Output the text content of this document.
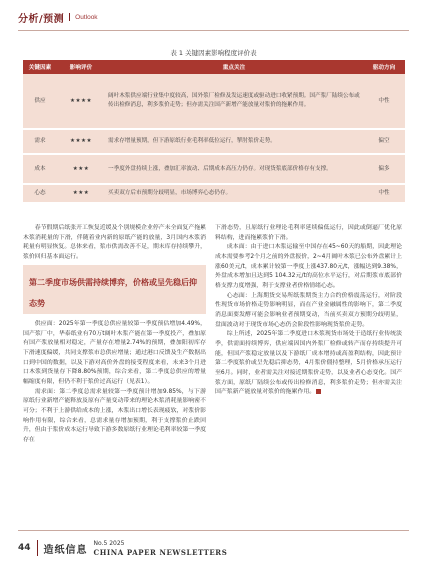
分析/预测 Outlook
表 1 关键因素影响程度评价表
关键因素	影响评价	重点关注	驱动方向
供应	★★★★	阔叶木浆供应端行业集中度较高，国外浆厂检修及发运速度或驱动进口收紧预期。国产浆厂陆续公布或传出检修消息，利多浆价走势；但亦需关注国产新增产能放量对浆价的拖累作用。	中性
需求	★★★★	需求存增量预期，但下游原纸行业毛利率低位运行，掣肘浆价走势。	偏空
成本	★★★	一季度外盘持续上涨，叠加汇率波动、后期成本高压力仍存。对现货浆底部价格存有支撑。	偏多
心态	★★★	买卖双方后市预期分歧明显，市场博弈心态仍存。	中性

春节假期后纸张开工恢复近缓及个别规模企业停产未全面复产拖累木浆消耗量的下滑，伴随着业内新的原纸产能的放量，3月国内木浆消耗量有明显恢复。总体来看，浆市供需改善不足，期末库存持续攀升，浆价回归基本面运行。

第二季度市场供需持续博弈，价格或呈先稳后抑态势

供应面：2025年第一季度总供应量较第一季度预估增加4.49%，国产浆厂中，华泰纸业有70万t阔叶木浆产能在第一季度投产，叠加原有国产浆放量相对稳定，产量存在增量2.74%的预期，叠加阳初库存下滑速度偏缓，共同支撑浆市总供应增量；通过港口反馈及生产数据出口到中国的数据，以及下游对高价外盘的接受程度来看，未来3个月进口木浆到货量存下降8.80%预期，综合来看，第二季度总供应的增量幅缩度有限，但仍不利于浆价过高运行（见表1）。

需求面：第二季度总需求量较第一季度预计增加9.85%，与下游原纸行业新增产能释放及原有产量变动带来的理论木浆消耗量影响密不可分；不利于上游供给成本的上涨，木浆出口增长表现疲软，对浆价影响作用有限，综合来看，总需求量存增加预期，利于支撑浆价止跌回升，但由于浆价成本运行导致下游多数原纸行业理论毛利率较第一季度存在

下滑态势，且原纸行业理论毛利率延续偏低运行，因此或倒逼厂优化原料结构，进而拖累浆价下滑。

成本面：由于进口木浆运输至中国存在45~60天的船期，因此理论成本需要参考2个月之前的外盘报价，2~4月阔叶木浆已公布外盘累计上涨60美元/t，成本累计较第一季度上涨437.80元/t，涨幅达到9.38%，外盘成本增加且达到5 104.32元/t的高位水平运行，对后期浆市底部价格支撑力度增强，利于支撑业者价格情绪心态。

心态面：上海期货交易所纸浆期货主力合约价格震荡运行，对阶段性现货市场价格走势影响明显，而在产业金融属性的影响下，第二季度消息面要发酵可能会影响业者预期变动，当前买卖双方预期分歧明显，盘面波动对于现货市场心态仍会阶段性影响现货浆价走势。

综上所述，2025年第二季度进口木浆现货市场处于造纸行业传统淡季，供需面持续博弈，供应端因国内外浆厂检修或转产而存持续提升可能，但国产浆稳定放量以及下游纸厂成本增持或高盈利结构，因此预计第二季度浆价或呈先稳后抑态势，4月浆价僵持整理，5月价格承压运行至6月。同时，业者需关注对接近期浆价走势，以及业者心态变化。国产浆方面，原纸厂陆续公布或传出检修消息，利多浆价走势；但亦需关注国产浆新产能放量对浆价的拖累作用。

44 造纸信息
No.5 2025
CHINA PAPER NEWSLETTERS
